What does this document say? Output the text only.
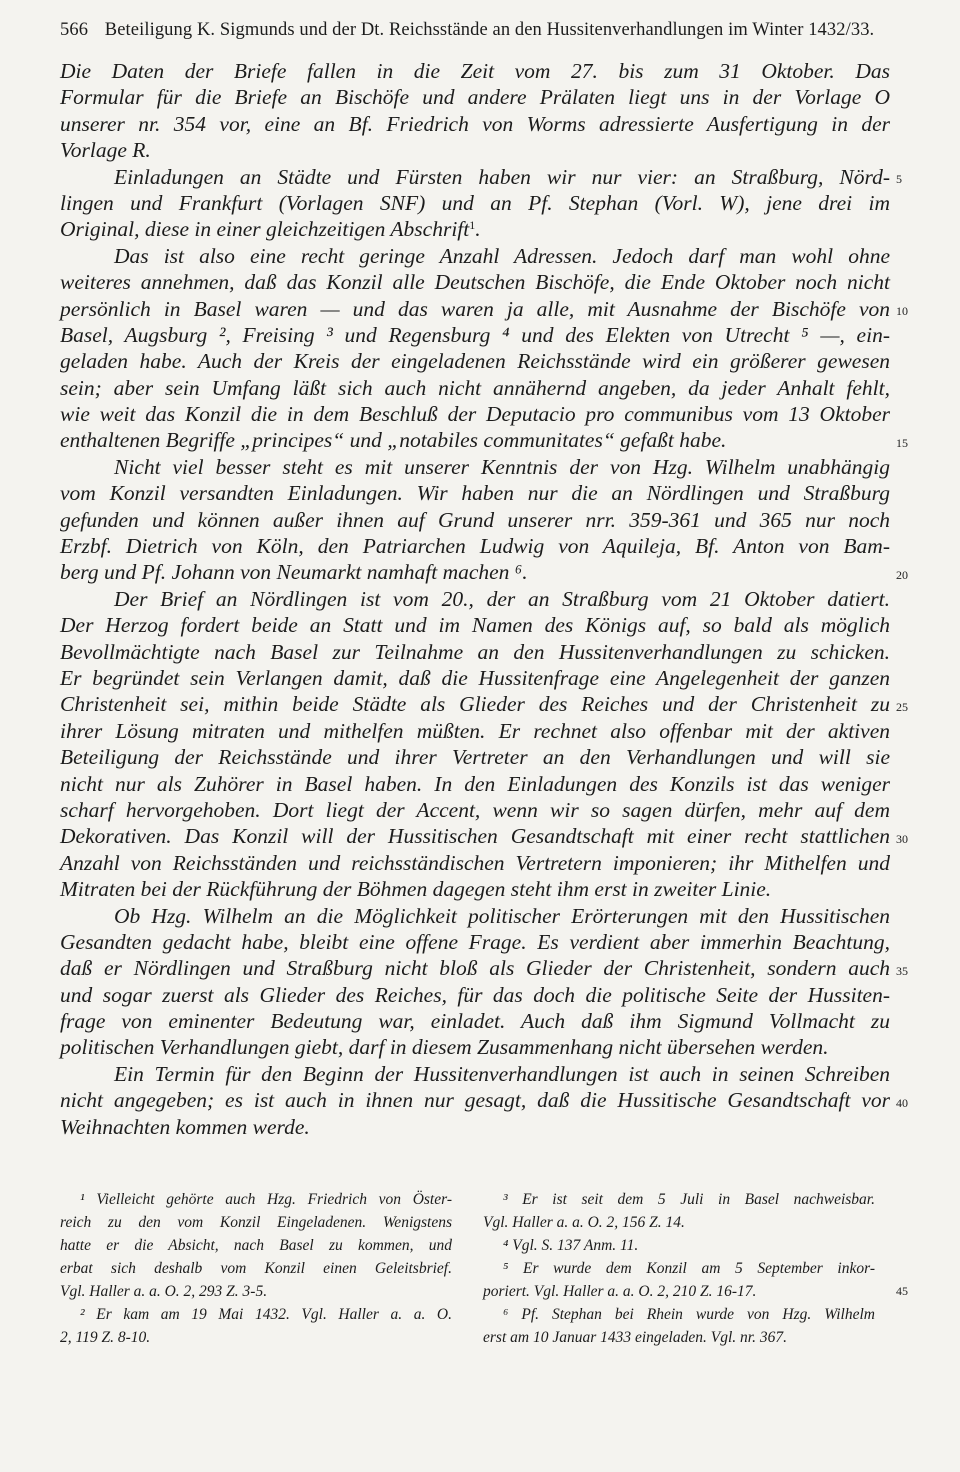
566 Beteiligung K. Sigmunds und der Dt. Reichsstände an den Hussitenverhandlungen im Winter 1432/33.
Die Daten der Briefe fallen in die Zeit vom 27. bis zum 31 Oktober. Das
Formular für die Briefe an Bischöfe und andere Prälaten liegt uns in der Vorlage O
unserer nr. 354 vor, eine an Bf. Friedrich von Worms adressierte Ausfertigung in der
Vorlage R.
Einladungen an Städte und Fürsten haben wir nur vier: an Straßburg, Nörd-
lingen und Frankfurt (Vorlagen SNF) und an Pf. Stephan (Vorl. W), jene drei im
Original, diese in einer gleichzeitigen Abschrift$^1$.
Das ist also eine recht geringe Anzahl Adressen. Jedoch darf man wohl ohne
weiteres annehmen, daß das Konzil alle Deutschen Bischöfe, die Ende Oktober noch nicht
persönlich in Basel waren — und das waren ja alle, mit Ausnahme der Bischöfe von
Basel, Augsburg ², Freising ³ und Regensburg ⁴ und des Elekten von Utrecht ⁵ —, ein-
geladen habe. Auch der Kreis der eingeladenen Reichsstände wird ein größerer gewesen
sein; aber sein Umfang läßt sich auch nicht annähernd angeben, da jeder Anhalt fehlt,
wie weit das Konzil die in dem Beschluß der Deputacio pro communibus vom 13 Oktober
enthaltenen Begriffe „principes“ und „notabiles communitates“ gefaßt habe.
Nicht viel besser steht es mit unserer Kenntnis der von Hzg. Wilhelm unabhängig
vom Konzil versandten Einladungen. Wir haben nur die an Nördlingen und Straßburg
gefunden und können außer ihnen auf Grund unserer nrr. 359-361 und 365 nur noch
Erzbf. Dietrich von Köln, den Patriarchen Ludwig von Aquileja, Bf. Anton von Bam-
berg und Pf. Johann von Neumarkt namhaft machen ⁶.
Der Brief an Nördlingen ist vom 20., der an Straßburg vom 21 Oktober datiert.
Der Herzog fordert beide an Statt und im Namen des Königs auf, so bald als möglich
Bevollmächtigte nach Basel zur Teilnahme an den Hussitenverhandlungen zu schicken.
Er begründet sein Verlangen damit, daß die Hussitenfrage eine Angelegenheit der ganzen
Christenheit sei, mithin beide Städte als Glieder des Reiches und der Christenheit zu
ihrer Lösung mitraten und mithelfen müßten. Er rechnet also offenbar mit der aktiven
Beteiligung der Reichsstände und ihrer Vertreter an den Verhandlungen und will sie
nicht nur als Zuhörer in Basel haben. In den Einladungen des Konzils ist das weniger
scharf hervorgehoben. Dort liegt der Accent, wenn wir so sagen dürfen, mehr auf dem
Dekorativen. Das Konzil will der Hussitischen Gesandtschaft mit einer recht stattlichen
Anzahl von Reichsständen und reichsständischen Vertretern imponieren; ihr Mithelfen und
Mitraten bei der Rückführung der Böhmen dagegen steht ihm erst in zweiter Linie.
Ob Hzg. Wilhelm an die Möglichkeit politischer Erörterungen mit den Hussitischen
Gesandten gedacht habe, bleibt eine offene Frage. Es verdient aber immerhin Beachtung,
daß er Nördlingen und Straßburg nicht bloß als Glieder der Christenheit, sondern auch
und sogar zuerst als Glieder des Reiches, für das doch die politische Seite der Hussiten-
frage von eminenter Bedeutung war, einladet. Auch daß ihm Sigmund Vollmacht zu
politischen Verhandlungen giebt, darf in diesem Zusammenhang nicht übersehen werden.
Ein Termin für den Beginn der Hussitenverhandlungen ist auch in seinen Schreiben
nicht angegeben; es ist auch in ihnen nur gesagt, daß die Hussitische Gesandtschaft vor
Weihnachten kommen werde.
5
10
15
20
25
30
35
40
¹ Vielleicht gehörte auch Hzg. Friedrich von Öster-
reich zu den vom Konzil Eingeladenen. Wenigstens
hatte er die Absicht, nach Basel zu kommen, und
erbat sich deshalb vom Konzil einen Geleitsbrief.
Vgl. Haller a. a. O. 2, 293 Z. 3-5.
² Er kam am 19 Mai 1432. Vgl. Haller a. a. O.
2, 119 Z. 8-10.
³ Er ist seit dem 5 Juli in Basel nachweisbar.
Vgl. Haller a. a. O. 2, 156 Z. 14.
⁴ Vgl. S. 137 Anm. 11.
⁵ Er wurde dem Konzil am 5 September inkor-
poriert. Vgl. Haller a. a. O. 2, 210 Z. 16-17.
⁶ Pf. Stephan bei Rhein wurde von Hzg. Wilhelm
erst am 10 Januar 1433 eingeladen. Vgl. nr. 367.
45
